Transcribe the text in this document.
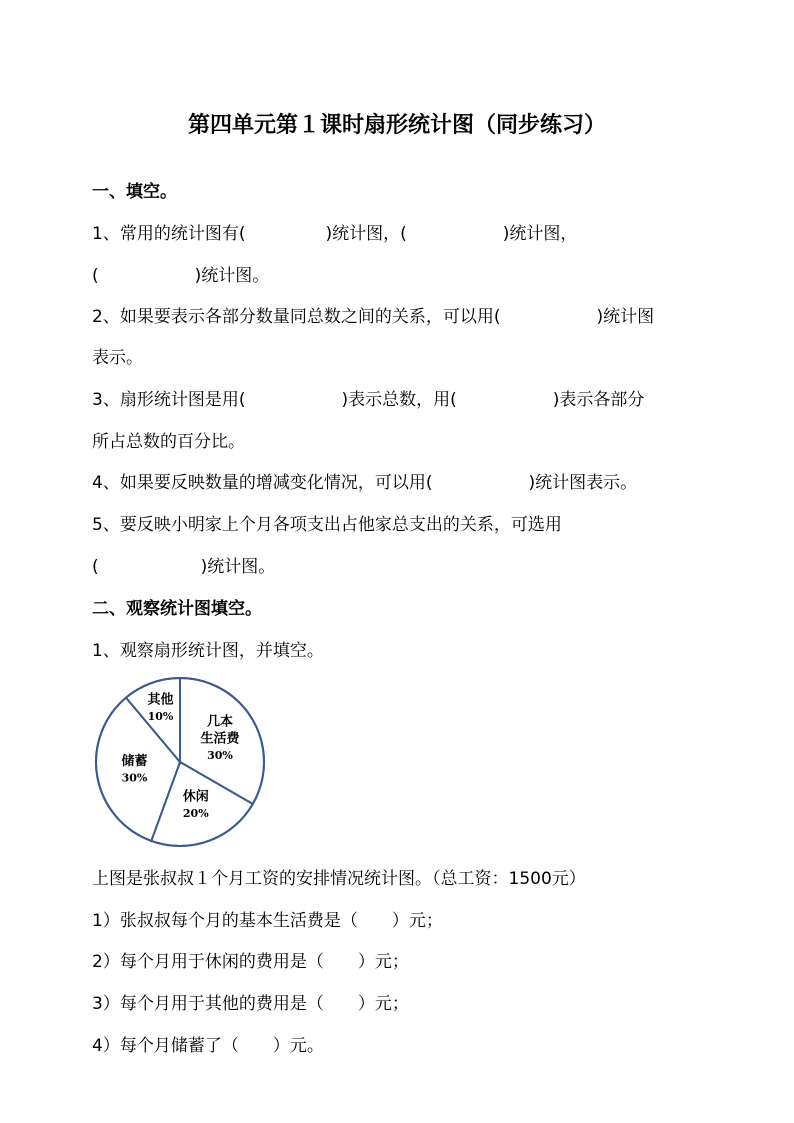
第四单元第１课时扇形统计图（同步练习）
一、填空。
1、常用的统计图有(	)统计图，(	)统计图，
(	)统计图。
2、如果要表示各部分数量同总数之间的关系，可以用(	)统计图
表示。
3、扇形统计图是用(	)表示总数，用(	)表示各部分
所占总数的百分比。
4、如果要反映数量的增减变化情况，可以用(	)统计图表示。
5、要反映小明家上个月各项支出占他家总支出的关系，可选用
(	)统计图。
二、观察统计图填空。
1、观察扇形统计图，并填空。
几本
生活费
30%
休闲
20%
储蓄
30%
其他
10%
上图是张叔叔１个月工资的安排情况统计图。（总工资：1500元）
1）张叔叔每个月的基本生活费是（ ）元；
2）每个月用于休闲的费用是（ ）元；
3）每个月用于其他的费用是（ ）元；
4）每个月储蓄了（ ）元。
